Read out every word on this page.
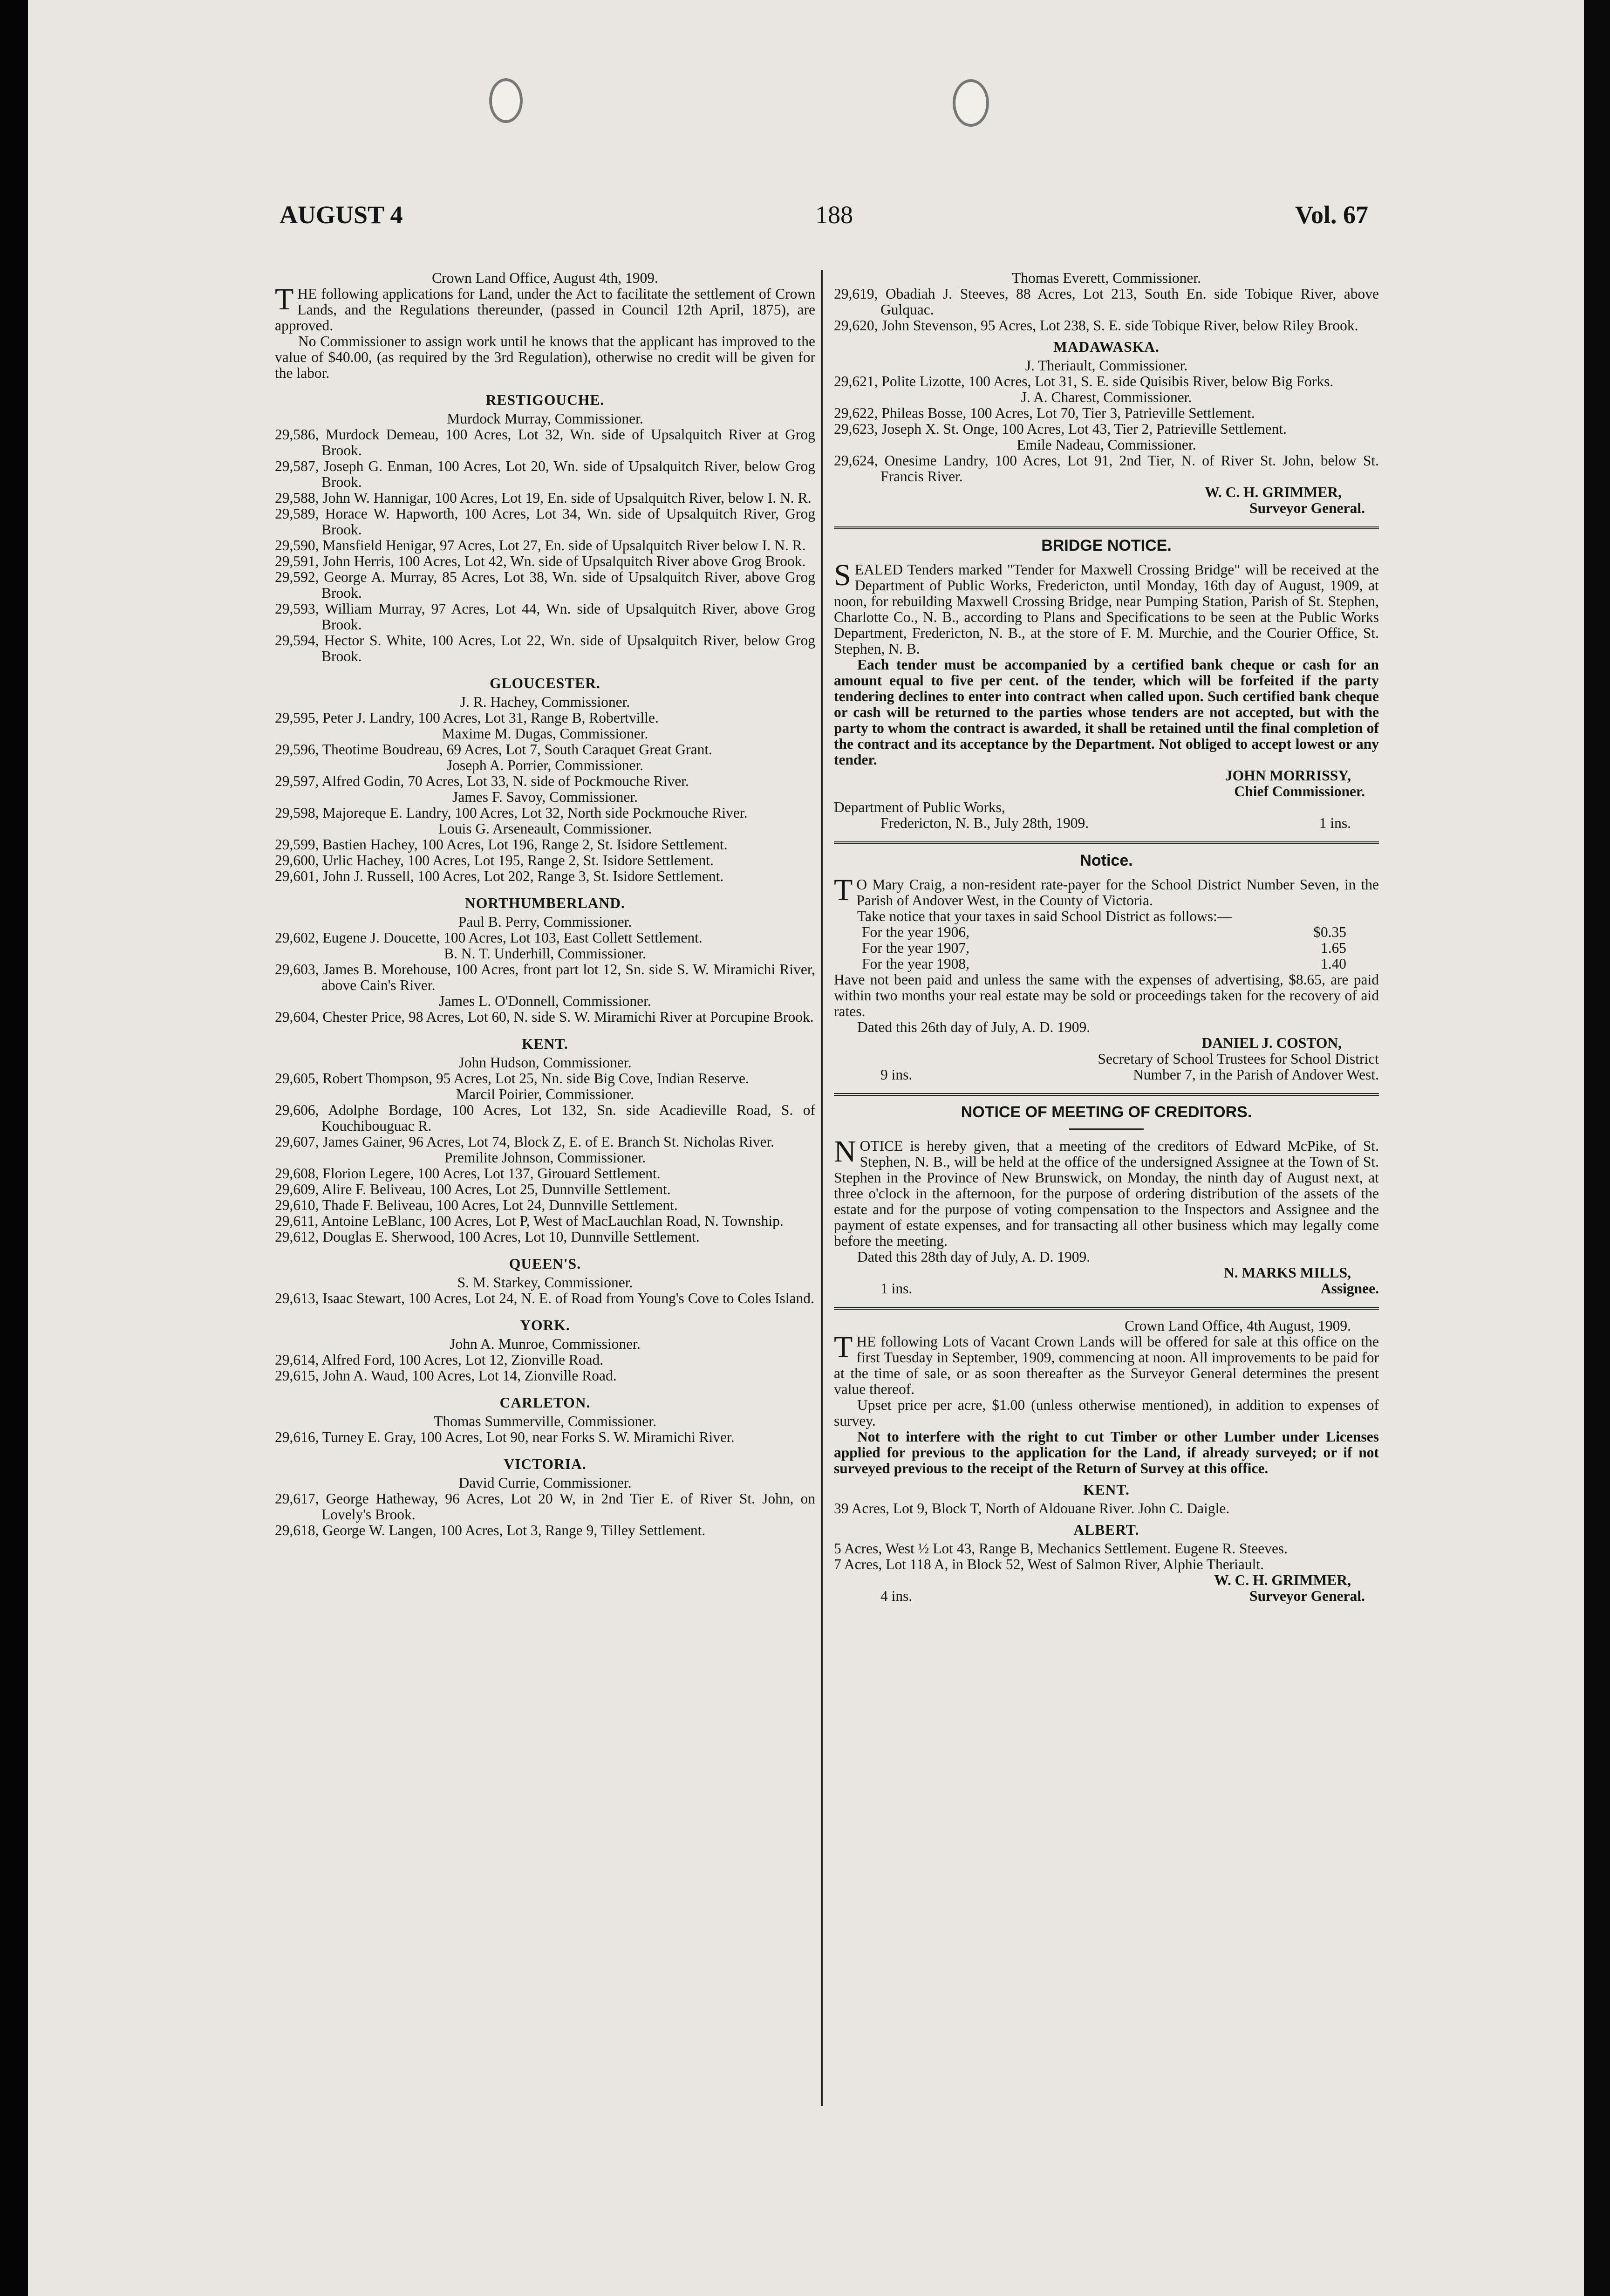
AUGUST 4	188	Vol. 67

Crown Land Office, August 4th, 1909.

THE following applications for Land, under the Act to facilitate the settlement of Crown Lands, and the Regulations thereunder, (passed in Council 12th April, 1875), are approved.

No Commissioner to assign work until he knows that the applicant has improved to the value of $40.00, (as required by the 3rd Regulation), otherwise no credit will be given for the labor.

RESTIGOUCHE.

Murdock Murray, Commissioner.

29,586, Murdock Demeau, 100 Acres, Lot 32, Wn. side of Upsalquitch River at Grog Brook.

29,587, Joseph G. Enman, 100 Acres, Lot 20, Wn. side of Upsalquitch River, below Grog Brook.

29,588, John W. Hannigar, 100 Acres, Lot 19, En. side of Upsalquitch River, below I. N. R.

29,589, Horace W. Hapworth, 100 Acres, Lot 34, Wn. side of Upsalquitch River, Grog Brook.

29,590, Mansfield Henigar, 97 Acres, Lot 27, En. side of Upsalquitch River below I. N. R.

29,591, John Herris, 100 Acres, Lot 42, Wn. side of Upsalquitch River above Grog Brook.

29,592, George A. Murray, 85 Acres, Lot 38, Wn. side of Upsalquitch River, above Grog Brook.

29,593, William Murray, 97 Acres, Lot 44, Wn. side of Upsalquitch River, above Grog Brook.

29,594, Hector S. White, 100 Acres, Lot 22, Wn. side of Upsalquitch River, below Grog Brook.

GLOUCESTER.

J. R. Hachey, Commissioner.

29,595, Peter J. Landry, 100 Acres, Lot 31, Range B, Robertville.

Maxime M. Dugas, Commissioner.

29,596, Theotime Boudreau, 69 Acres, Lot 7, South Caraquet Great Grant.

Joseph A. Porrier, Commissioner.

29,597, Alfred Godin, 70 Acres, Lot 33, N. side of Pockmouche River.

James F. Savoy, Commissioner.

29,598, Majoreque E. Landry, 100 Acres, Lot 32, North side Pockmouche River.

Louis G. Arseneault, Commissioner.

29,599, Bastien Hachey, 100 Acres, Lot 196, Range 2, St. Isidore Settlement.

29,600, Urlic Hachey, 100 Acres, Lot 195, Range 2, St. Isidore Settlement.

29,601, John J. Russell, 100 Acres, Lot 202, Range 3, St. Isidore Settlement.

NORTHUMBERLAND.

Paul B. Perry, Commissioner.

29,602, Eugene J. Doucette, 100 Acres, Lot 103, East Collett Settlement.

B. N. T. Underhill, Commissioner.

29,603, James B. Morehouse, 100 Acres, front part lot 12, Sn. side S. W. Miramichi River, above Cain's River.

James L. O'Donnell, Commissioner.

29,604, Chester Price, 98 Acres, Lot 60, N. side S. W. Miramichi River at Porcupine Brook.

KENT.

John Hudson, Commissioner.

29,605, Robert Thompson, 95 Acres, Lot 25, Nn. side Big Cove, Indian Reserve.

Marcil Poirier, Commissioner.

29,606, Adolphe Bordage, 100 Acres, Lot 132, Sn. side Acadieville Road, S. of Kouchibouguac R.

29,607, James Gainer, 96 Acres, Lot 74, Block Z, E. of E. Branch St. Nicholas River.

Premilite Johnson, Commissioner.

29,608, Florion Legere, 100 Acres, Lot 137, Girouard Settlement.

29,609, Alire F. Beliveau, 100 Acres, Lot 25, Dunnville Settlement.

29,610, Thade F. Beliveau, 100 Acres, Lot 24, Dunnville Settlement.

29,611, Antoine LeBlanc, 100 Acres, Lot P, West of MacLauchlan Road, N. Township.

29,612, Douglas E. Sherwood, 100 Acres, Lot 10, Dunnville Settlement.

QUEEN'S.

S. M. Starkey, Commissioner.

29,613, Isaac Stewart, 100 Acres, Lot 24, N. E. of Road from Young's Cove to Coles Island.

YORK.

John A. Munroe, Commissioner.

29,614, Alfred Ford, 100 Acres, Lot 12, Zionville Road.

29,615, John A. Waud, 100 Acres, Lot 14, Zionville Road.

CARLETON.

Thomas Summerville, Commissioner.

29,616, Turney E. Gray, 100 Acres, Lot 90, near Forks S. W. Miramichi River.

VICTORIA.

David Currie, Commissioner.

29,617, George Hatheway, 96 Acres, Lot 20 W, in 2nd Tier E. of River St. John, on Lovely's Brook.

29,618, George W. Langen, 100 Acres, Lot 3, Range 9, Tilley Settlement.

Thomas Everett, Commissioner.

29,619, Obadiah J. Steeves, 88 Acres, Lot 213, South En. side Tobique River, above Gulquac.

29,620, John Stevenson, 95 Acres, Lot 238, S. E. side Tobique River, below Riley Brook.

MADAWASKA.

J. Theriault, Commissioner.

29,621, Polite Lizotte, 100 Acres, Lot 31, S. E. side Quisibis River, below Big Forks.

J. A. Charest, Commissioner.

29,622, Phileas Bosse, 100 Acres, Lot 70, Tier 3, Patrieville Settlement.

29,623, Joseph X. St. Onge, 100 Acres, Lot 43, Tier 2, Patrieville Settlement.

Emile Nadeau, Commissioner.

29,624, Onesime Landry, 100 Acres, Lot 91, 2nd Tier, N. of River St. John, below St. Francis River.

W. C. H. GRIMMER,

Surveyor General.

BRIDGE NOTICE.

SEALED Tenders marked "Tender for Maxwell Crossing Bridge" will be received at the Department of Public Works, Fredericton, until Monday, 16th day of August, 1909, at noon, for rebuilding Maxwell Crossing Bridge, near Pumping Station, Parish of St. Stephen, Charlotte Co., N. B., according to Plans and Specifications to be seen at the Public Works Department, Fredericton, N. B., at the store of F. M. Murchie, and the Courier Office, St. Stephen, N. B.

Each tender must be accompanied by a certified bank cheque or cash for an amount equal to five per cent. of the tender, which will be forfeited if the party tendering declines to enter into contract when called upon. Such certified bank cheque or cash will be returned to the parties whose tenders are not accepted, but with the party to whom the contract is awarded, it shall be retained until the final completion of the contract and its acceptance by the Department. Not obliged to accept lowest or any tender.

JOHN MORRISSY,

Chief Commissioner.

Department of Public Works,

Fredericton, N. B., July 28th, 1909.	1 ins.
Notice.

TO Mary Craig, a non-resident rate-payer for the School District Number Seven, in the Parish of Andover West, in the County of Victoria.

Take notice that your taxes in said School District as follows:—

For the year 1906,	$0.35
For the year 1907,	1.65
For the year 1908,	1.40

Have not been paid and unless the same with the expenses of advertising, $8.65, are paid within two months your real estate may be sold or proceedings taken for the recovery of aid rates.

Dated this 26th day of July, A. D. 1909.

DANIEL J. COSTON,

Secretary of School Trustees for School District

9 ins.	Number 7, in the Parish of Andover West.
NOTICE OF MEETING OF CREDITORS.

NOTICE is hereby given, that a meeting of the creditors of Edward McPike, of St. Stephen, N. B., will be held at the office of the undersigned Assignee at the Town of St. Stephen in the Province of New Brunswick, on Monday, the ninth day of August next, at three o'clock in the afternoon, for the purpose of ordering distribution of the assets of the estate and for the purpose of voting compensation to the Inspectors and Assignee and the payment of estate expenses, and for transacting all other business which may legally come before the meeting.

Dated this 28th day of July, A. D. 1909.

N. MARKS MILLS,

1 ins.	Assignee.

Crown Land Office, 4th August, 1909.

THE following Lots of Vacant Crown Lands will be offered for sale at this office on the first Tuesday in September, 1909, commencing at noon. All improvements to be paid for at the time of sale, or as soon thereafter as the Surveyor General determines the present value thereof.

Upset price per acre, $1.00 (unless otherwise mentioned), in addition to expenses of survey.

Not to interfere with the right to cut Timber or other Lumber under Licenses applied for previous to the application for the Land, if already surveyed; or if not surveyed previous to the receipt of the Return of Survey at this office.

KENT.

39 Acres, Lot 9, Block T, North of Aldouane River. John C. Daigle.

ALBERT.

5 Acres, West ½ Lot 43, Range B, Mechanics Settlement. Eugene R. Steeves.

7 Acres, Lot 118 A, in Block 52, West of Salmon River, Alphie Theriault.

W. C. H. GRIMMER,

4 ins.	Surveyor General.
